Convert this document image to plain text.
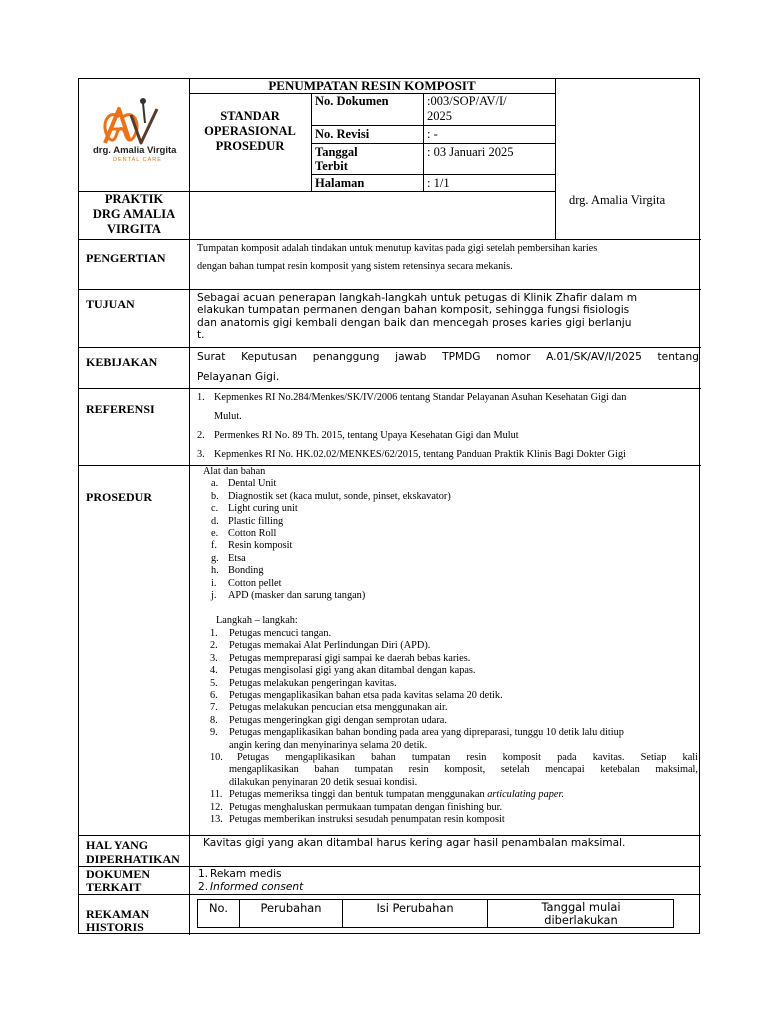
drg. Amalia Virgita
DENTAL CARE
PENUMPATAN RESIN KOMPOSIT
STANDAR
OPERASIONAL
PROSEDUR
No. Dokumen	:003/SOP/AV/I/
2025
No. Revisi	: -
Tanggal
Terbit
: 03 Januari 2025
Halaman	: 1/1
drg. Amalia Virgita
PRAKTIK
DRG AMALIA
VIRGITA
PENGERTIAN
Tumpatan komposit adalah tindakan untuk menutup kavitas pada gigi setelah pembersihan karies
dengan bahan tumpat resin komposit yang sistem retensinya secara mekanis.
TUJUAN	Sebagai acuan penerapan langkah-langkah untuk petugas di Klinik Zhafir dalam m
elakukan tumpatan permanen dengan bahan komposit, sehingga fungsi fisiologis
dan anatomis gigi kembali dengan baik dan mencegah proses karies gigi berlanju
t.
KEBIJAKAN	Surat Keputusan penanggung jawab TPMDG nomor A.01/SK/AV/I/2025 tentang
Pelayanan Gigi.
REFERENSI
1. Kepmenkes RI No.284/Menkes/SK/IV/2006 tentang Standar Pelayanan Asuhan Kesehatan Gigi dan
Mulut.
2. Permenkes RI No. 89 Th. 2015, tentang Upaya Kesehatan Gigi dan Mulut
3. Kepmenkes RI No. HK.02.02/MENKES/62/2015, tentang Panduan Praktik Klinis Bagi Dokter Gigi
PROSEDUR
Alat dan bahan
a. Dental Unit
b. Diagnostik set (kaca mulut, sonde, pinset, ekskavator)
c. Light curing unit
d. Plastic filling
e. Cotton Roll
f.	Resin komposit
g. Etsa
h. Bonding
i.	Cotton pellet
j.	APD (masker dan sarung tangan)
Langkah – langkah:
1.	Petugas mencuci tangan.
2.	Petugas memakai Alat Perlindungan Diri (APD).
3.	Petugas mempreparasi gigi sampai ke daerah bebas karies.
4.	Petugas mengisolasi gigi yang akan ditambal dengan kapas.
5.	Petugas melakukan pengeringan kavitas.
6.	Petugas mengaplikasikan bahan etsa pada kavitas selama 20 detik.
7.	Petugas melakukan pencucian etsa menggunakan air.
8.	Petugas mengeringkan gigi dengan semprotan udara.
9.	Petugas mengaplikasikan bahan bonding pada area yang dipreparasi, tunggu 10 detik lalu ditiup
angin kering dan menyinarinya selama 20 detik.
10.	Petugas mengaplikasikan bahan tumpatan resin komposit pada kavitas. Setiap kali
mengaplikasikan bahan tumpatan resin komposit, setelah mencapai ketebalan maksimal,
dilakukan penyinaran 20 detik sesuai kondisi.
11. Petugas memeriksa tinggi dan bentuk tumpatan menggunakan articulating paper.
12. Petugas menghaluskan permukaan tumpatan dengan finishing bur.
13. Petugas memberikan instruksi sesudah penumpatan resin komposit
HAL YANG
DIPERHATIKAN
Kavitas gigi yang akan ditambal harus kering agar hasil penambalan maksimal.
DOKUMEN
TERKAIT
1. Rekam medis
2. Informed consent
REKAMAN
HISTORIS
No.	Perubahan	Isi Perubahan	Tanggal mulai diberlakukan
